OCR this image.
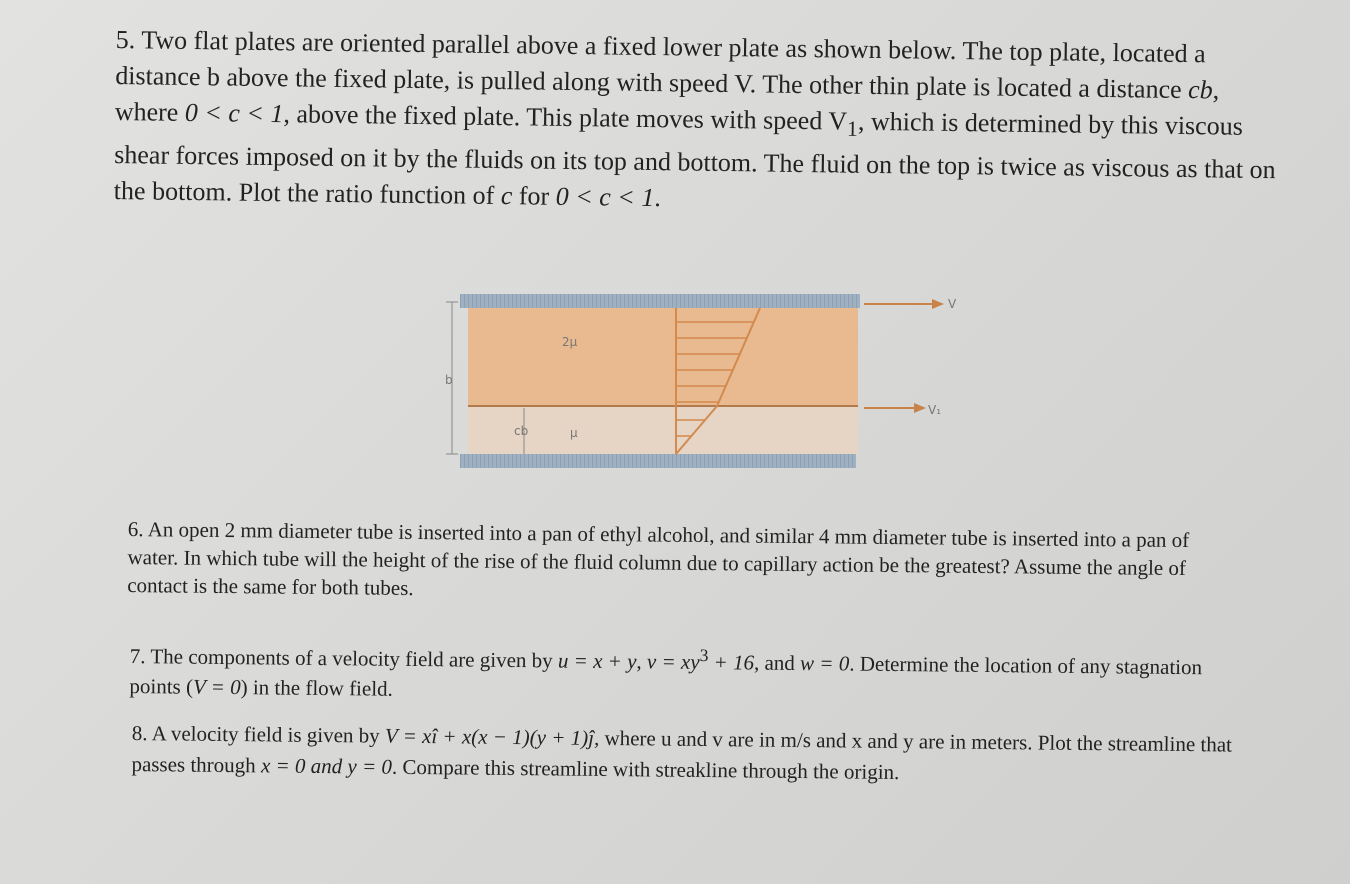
5. Two flat plates are oriented parallel above a fixed lower plate as shown below. The top plate, located a distance b above the fixed plate, is pulled along with speed V. The other thin plate is located a distance cb, where 0 < c < 1, above the fixed plate. This plate moves with speed $V_1$, which is determined by this viscous shear forces imposed on it by the fluids on its top and bottom. The fluid on the top is twice as viscous as that on the bottom. Plot the ratio function of c for 0 < c < 1.

b
cb
2μ
μ
V
V₁

6. An open 2 mm diameter tube is inserted into a pan of ethyl alcohol, and similar 4 mm diameter tube is inserted into a pan of water. In which tube will the height of the rise of the fluid column due to capillary action be the greatest? Assume the angle of contact is the same for both tubes.

7. The components of a velocity field are given by u = x + y, $v = xy^3 + 16$, and w = 0. Determine the location of any stagnation points (V = 0) in the flow field.

8. A velocity field is given by V = xî + x(x − 1)(y + 1)ĵ, where u and v are in m/s and x and y are in meters. Plot the streamline that passes through x = 0 and y = 0. Compare this streamline with streakline through the origin.
